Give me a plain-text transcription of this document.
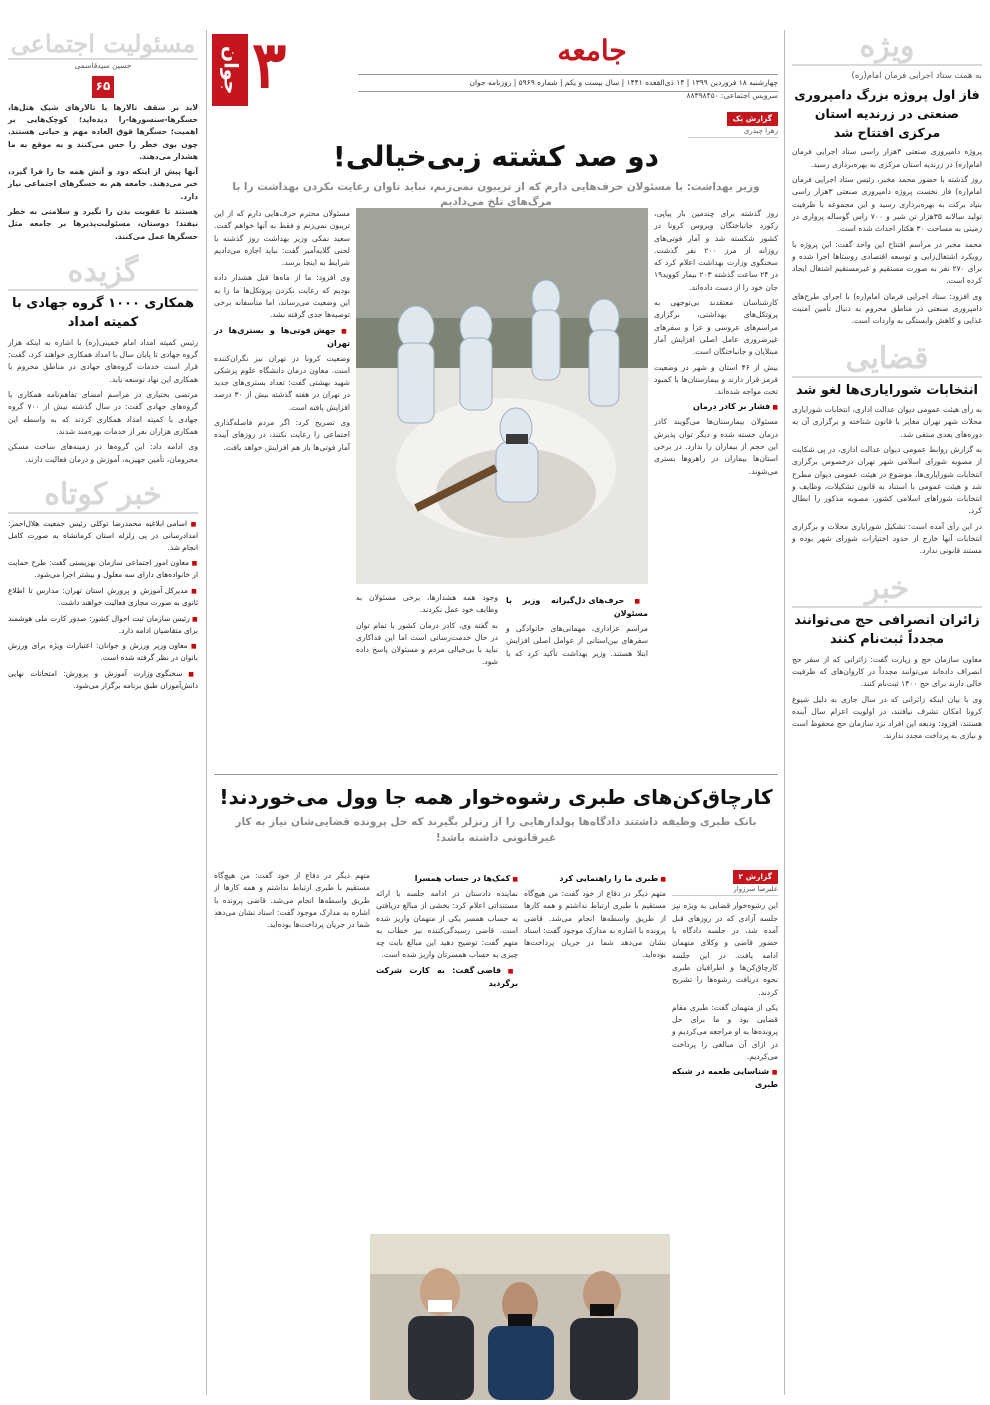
جوان ۳	جامعه
چهارشنبه ۱۸ فروردین ۱۳۹۹ | ۱۴ ذی‌القعده ۱۴۴۱ | سال بیست و یکم | شماره ۵۹۶۹ | روزنامه جوان
سرویس اجتماعی: ۸۸۴۹۸۴۵۰
ویژه
به همت ستاد اجرایی فرمان امام(ره)
فاز اول پروژه بزرگ دامپروری صنعتی در زرندیه استان مرکزی افتتاح شد

پروژه دامپروری صنعتی ۳هزار راسی ستاد اجرایی فرمان امام(ره) در زرندیه استان مرکزی به بهره‌برداری رسید.

روز گذشته با حضور محمد مخبر، رئیس ستاد اجرایی فرمان امام(ره) فاز نخست پروژه دامپروری صنعتی ۳هزار راسی بنیاد برکت به بهره‌برداری رسید و این مجموعه با ظرفیت تولید سالانه ۳۵هزار تن شیر و ۷۰۰ راس گوساله پرواری در زمینی به مساحت ۳۰ هکتار احداث شده است.

محمد مخبر در مراسم افتتاح این واحد گفت: این پروژه با رویکرد اشتغال‌زایی و توسعه اقتصادی روستاها اجرا شده و برای ۲۷۰ نفر به صورت مستقیم و غیرمستقیم اشتغال ایجاد کرده است.

وی افزود: ستاد اجرایی فرمان امام(ره) با اجرای طرح‌های دامپروری صنعتی در مناطق محروم به دنبال تأمین امنیت غذایی و کاهش وابستگی به واردات است.

قضایی
انتخابات شورایاری‌ها لغو شد

به رأی هیئت عمومی دیوان عدالت اداری، انتخابات شورایاری محلات شهر تهران مغایر با قانون شناخته و برگزاری آن به دوره‌های بعدی منتفی شد.

به گزارش روابط عمومی دیوان عدالت اداری، در پی شکایت از مصوبه شورای اسلامی شهر تهران درخصوص برگزاری انتخابات شورایاری‌ها، موضوع در هیئت عمومی دیوان مطرح شد و هیئت عمومی با استناد به قانون تشکیلات، وظایف و انتخابات شوراهای اسلامی کشور، مصوبه مذکور را ابطال کرد.

در این رأی آمده است: تشکیل شورایاری محلات و برگزاری انتخابات آنها خارج از حدود اختیارات شورای شهر بوده و مستند قانونی ندارد.

خبر
زائران انصرافی حج می‌توانند مجدداً ثبت‌نام کنند

معاون سازمان حج و زیارت گفت: زائرانی که از سفر حج انصراف داده‌اند می‌توانند مجدداً در کاروان‌های که ظرفیت خالی دارند برای حج ۱۴۰۰ ثبت‌نام کنند.

وی با بیان اینکه زائرانی که در سال جاری به دلیل شیوع کرونا امکان تشرف نیافتند، در اولویت اعزام سال آینده هستند، افزود: ودیعه این افراد نزد سازمان حج محفوظ است و نیازی به پرداخت مجدد ندارند.

گزارش یک
زهرا چیذری
دو صد کشته زبی‌خیالی!
وزیر بهداشت: با مسئولان حرف‌هایی دارم که از تریبون نمی‌زنم، نباید تاوان رعایت نکردن بهداشت را با مرگ‌های تلخ می‌دادیم

روز گذشته برای چندمین بار پیاپی، رکورد جانباختگان ویروس کرونا در کشور شکسته شد و آمار فوتی‌های روزانه از مرز ۲۰۰ نفر گذشت. سخنگوی وزارت بهداشت اعلام کرد که در ۲۴ ساعت گذشته ۲۰۳ بیمار کووید۱۹ جان خود را از دست داده‌اند.

کارشناسان معتقدند بی‌توجهی به پروتکل‌های بهداشتی، برگزاری مراسم‌های عروسی و عزا و سفرهای غیرضروری عامل اصلی افزایش آمار مبتلایان و جانباختگان است.

بیش از ۴۶ استان و شهر در وضعیت قرمز قرار دارند و بیمارستان‌ها با کمبود تخت مواجه شده‌اند.

■ فشار بر کادر درمان

مسئولان بیمارستان‌ها می‌گویند کادر درمان خسته شده و دیگر توان پذیرش این حجم از بیماران را ندارد. در برخی استان‌ها بیماران در راهروها بستری می‌شوند.

مسئولان محترم حرف‌هایی دارم که از این تریبون نمی‌زنم و فقط به آنها خواهم گفت. سعید نمکی وزیر بهداشت روز گذشته با لحنی گلایه‌آمیز گفت: نباید اجازه می‌دادیم شرایط به اینجا برسد.

وی افزود: ما از ماه‌ها قبل هشدار داده بودیم که رعایت نکردن پروتکل‌ها ما را به این وضعیت می‌رساند، اما متأسفانه برخی توصیه‌ها جدی گرفته نشد.

■ جهش فوتی‌ها و بستری‌ها در تهران

وضعیت کرونا در تهران نیز نگران‌کننده است. معاون درمان دانشگاه علوم پزشکی شهید بهشتی گفت: تعداد بستری‌های جدید در تهران در هفته گذشته بیش از ۳۰ درصد افزایش یافته است.

وی تصریح کرد: اگر مردم فاصله‌گذاری اجتماعی را رعایت نکنند، در روزهای آینده آمار فوتی‌ها باز هم افزایش خواهد یافت.

■ حرف‌های دل‌گیرانه وزیر با مسئولان

مراسم عزاداری، مهمانی‌های خانوادگی و سفرهای بین‌استانی از عوامل اصلی افزایش ابتلا هستند. وزیر بهداشت تأکید کرد که با وجود همه هشدارها، برخی مسئولان به وظایف خود عمل نکردند.

به گفته وی، کادر درمان کشور با تمام توان در حال خدمت‌رسانی است اما این فداکاری نباید با بی‌خیالی مردم و مسئولان پاسخ داده شود.

کارچاق‌کن‌های طبری رشوه‌خوار همه جا وول می‌خوردند!
بانک طبری وظیفه داشتند دادگاه‌ها پولدارهایی را از رنزلر بگیرند که حل پرونده قضایی‌شان نیاز به کار غیرقانونی داشته باشد!
گزارش ۲
علیرضا سرزوار

این رشوه‌خوار قضایی به ویژه نیز جلسه آزادی که در روزهای قبل آمده شد، در جلسه دادگاه با حضور قاضی و وکلای متهمان ادامه یافت. در این جلسه کارچاق‌کن‌ها و اطرافیان طبری نحوه دریافت رشوه‌ها را تشریح کردند.

یکی از متهمان گفت: طبری مقام قضایی بود و ما برای حل پرونده‌ها به او مراجعه می‌کردیم و در ازای آن مبالغی را پرداخت می‌کردیم.

■ شناسایی طعمه در شبکه طبری
■ طبری ما را راهنمایی کرد

متهم دیگر در دفاع از خود گفت: من هیچ‌گاه مستقیم با طبری ارتباط نداشتم و همه کارها از طریق واسطه‌ها انجام می‌شد. قاضی پرونده با اشاره به مدارک موجود گفت: اسناد نشان می‌دهد شما در جریان پرداخت‌ها بوده‌اید.

■ کمک‌ها در حساب همسرا

نماینده دادستان در ادامه جلسه با ارائه مستنداتی اعلام کرد: بخشی از مبالغ دریافتی به حساب همسر یکی از متهمان واریز شده است. قاضی رسیدگی‌کننده نیز خطاب به متهم گفت: توضیح دهید این مبالغ بابت چه چیزی به حساب همسرتان واریز شده است.

■ قاضی گفت: به کارت شرکت برگردید

متهم دیگر در دفاع از خود گفت: من هیچ‌گاه مستقیم با طبری ارتباط نداشتم و همه کارها از طریق واسطه‌ها انجام می‌شد. قاضی پرونده با اشاره به مدارک موجود گفت: اسناد نشان می‌دهد شما در جریان پرداخت‌ها بوده‌اید.

مسئولیت اجتماعی
حسین سیدقاسمی
۶۵

لابد بر سقف تالارها یا تالارهای شیک هتل‌ها، حسگرها-سنسورها-را دیده‌اید؛ کوچک‌هایی بر اهمیت؛ حسگرها قوق العاده مهم و حیاتی هستند. چون بوی خطر را حس می‌کنند و به موقع به ما هشدار می‌دهند.

آنها پیش از اینکه دود و آتش همه جا را فرا گیرد، خبر می‌دهند. جامعه هم به حسگرهای اجتماعی نیاز دارد.

هستند تا عقوبت بدن را نگیرد و سلامتی به خطر نیفتد؛ دوستان، مسئولیت‌پذیرها بر جامعه مثل حسگرها عمل می‌کنند.

گزیده
همکاری ۱۰۰۰ گروه جهادی با کمیته امداد

رئیس کمیته امداد امام خمینی(ره) با اشاره به اینکه هزار گروه جهادی تا پایان سال با امداد همکاری خواهند کرد، گفت: قرار است خدمات گروه‌های جهادی در مناطق محروم با همکاری این نهاد توسعه یابد.

مرتضی بختیاری در مراسم امضای تفاهم‌نامه همکاری با گروه‌های جهادی گفت: در سال گذشته بیش از ۷۰۰ گروه جهادی با کمیته امداد همکاری کردند که به واسطه این همکاری هزاران نفر از خدمات بهره‌مند شدند.

وی ادامه داد: این گروه‌ها در زمینه‌های ساخت مسکن محرومان، تأمین جهیزیه، آموزش و درمان فعالیت دارند.

خبر کوتاه
■ اسامی ابلاغیه محمدرضا توکلی رئیس جمعیت هلال‌احمر: امدادرسانی در پی زلزله استان کرمانشاه به صورت کامل انجام شد.
■ معاون امور اجتماعی سازمان بهزیستی گفت: طرح حمایت از خانواده‌های دارای سه معلول و بیشتر اجرا می‌شود.
■ مدیرکل آموزش و پرورش استان تهران: مدارس تا اطلاع ثانوی به صورت مجازی فعالیت خواهند داشت.
■ رئیس سازمان ثبت احوال کشور: صدور کارت ملی هوشمند برای متقاضیان ادامه دارد.
■ معاون وزیر ورزش و جوانان: اعتبارات ویژه برای ورزش بانوان در نظر گرفته شده است.
■ سخنگوی وزارت آموزش و پرورش: امتحانات نهایی دانش‌آموزان طبق برنامه برگزار می‌شود.
